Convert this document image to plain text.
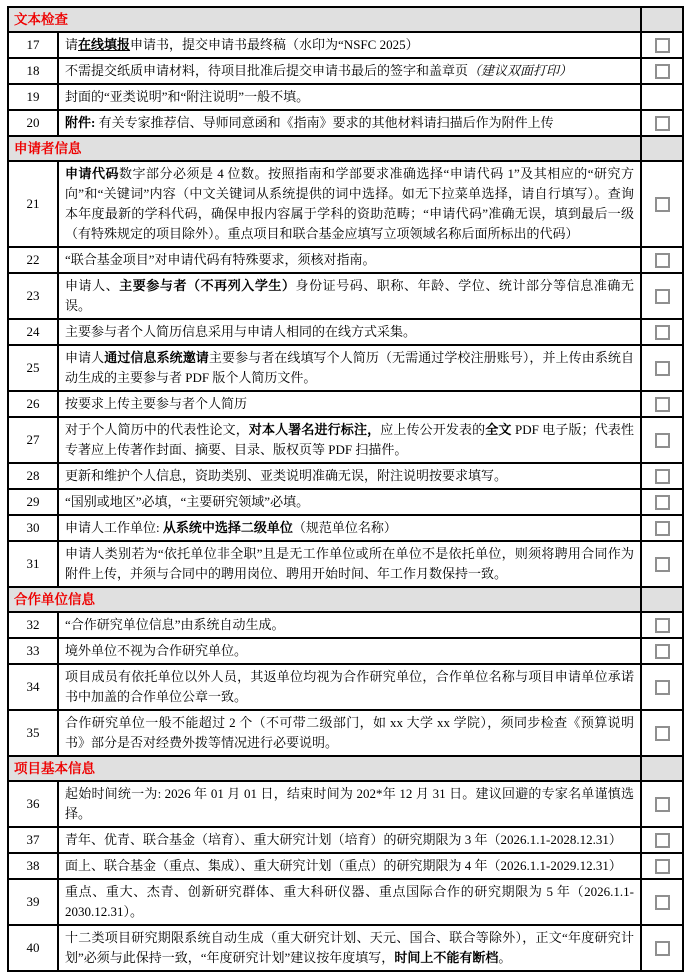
文本检查		
17	请在线填报申请书，提交申请书最终稿（水印为“NSFC 2025）	
18	不需提交纸质申请材料，待项目批准后提交申请书最后的签字和盖章页（建议双面打印）	
19	封面的“亚类说明”和“附注说明”一般不填。	
20	附件: 有关专家推荐信、导师同意函和《指南》要求的其他材料请扫描后作为附件上传	
申请者信息		
21	申请代码数字部分必须是 4 位数。按照指南和学部要求准确选择“申请代码 1”及其相应的“研究方向”和“关键词”内容（中文关键词从系统提供的词中选择。如无下拉菜单选择，请自行填写）。查询本年度最新的学科代码，确保申报内容属于学科的资助范畴；“申请代码”准确无误，填到最后一级（有特殊规定的项目除外）。重点项目和联合基金应填写立项领域名称后面所标出的代码）	
22	“联合基金项目”对申请代码有特殊要求，须核对指南。	
23	申请人、主要参与者（不再列入学生）身份证号码、职称、年龄、学位、统计部分等信息准确无误。	
24	主要参与者个人简历信息采用与申请人相同的在线方式采集。	
25	申请人通过信息系统邀请主要参与者在线填写个人简历（无需通过学校注册账号），并上传由系统自动生成的主要参与者 PDF 版个人简历文件。	
26	按要求上传主要参与者个人简历	
27	对于个人简历中的代表性论文，对本人署名进行标注，应上传公开发表的全文 PDF 电子版；代表性专著应上传著作封面、摘要、目录、版权页等 PDF 扫描件。	
28	更新和维护个人信息，资助类别、亚类说明准确无误，附注说明按要求填写。	
29	“国别或地区”必填，“主要研究领域”必填。	
30	申请人工作单位: 从系统中选择二级单位（规范单位名称）	
31	申请人类别若为“依托单位非全职”且是无工作单位或所在单位不是依托单位，则须将聘用合同作为附件上传，并须与合同中的聘用岗位、聘用开始时间、年工作月数保持一致。	
合作单位信息		
32	“合作研究单位信息”由系统自动生成。	
33	境外单位不视为合作研究单位。	
34	项目成员有依托单位以外人员，其返单位均视为合作研究单位，合作单位名称与项目申请单位承诺书中加盖的合作单位公章一致。	
35	合作研究单位一般不能超过 2 个（不可带二级部门，如 xx 大学 xx 学院），须同步检查《预算说明书》部分是否对经费外拨等情况进行必要说明。	
项目基本信息		
36	起始时间统一为: 2026 年 01 月 01 日，结束时间为 202*年 12 月 31 日。建议回避的专家名单谨慎选择。	
37	青年、优青、联合基金（培育）、重大研究计划（培育）的研究期限为 3 年（2026.1.1-2028.12.31）	
38	面上、联合基金（重点、集成）、重大研究计划（重点）的研究期限为 4 年（2026.1.1-2029.12.31）	
39	重点、重大、杰青、创新研究群体、重大科研仪器、重点国际合作的研究期限为 5 年（2026.1.1-2030.12.31）。	
40	十二类项目研究期限系统自动生成（重大研究计划、天元、国合、联合等除外），正文“年度研究计划”必须与此保持一致，“年度研究计划”建议按年度填写，时间上不能有断档。	
